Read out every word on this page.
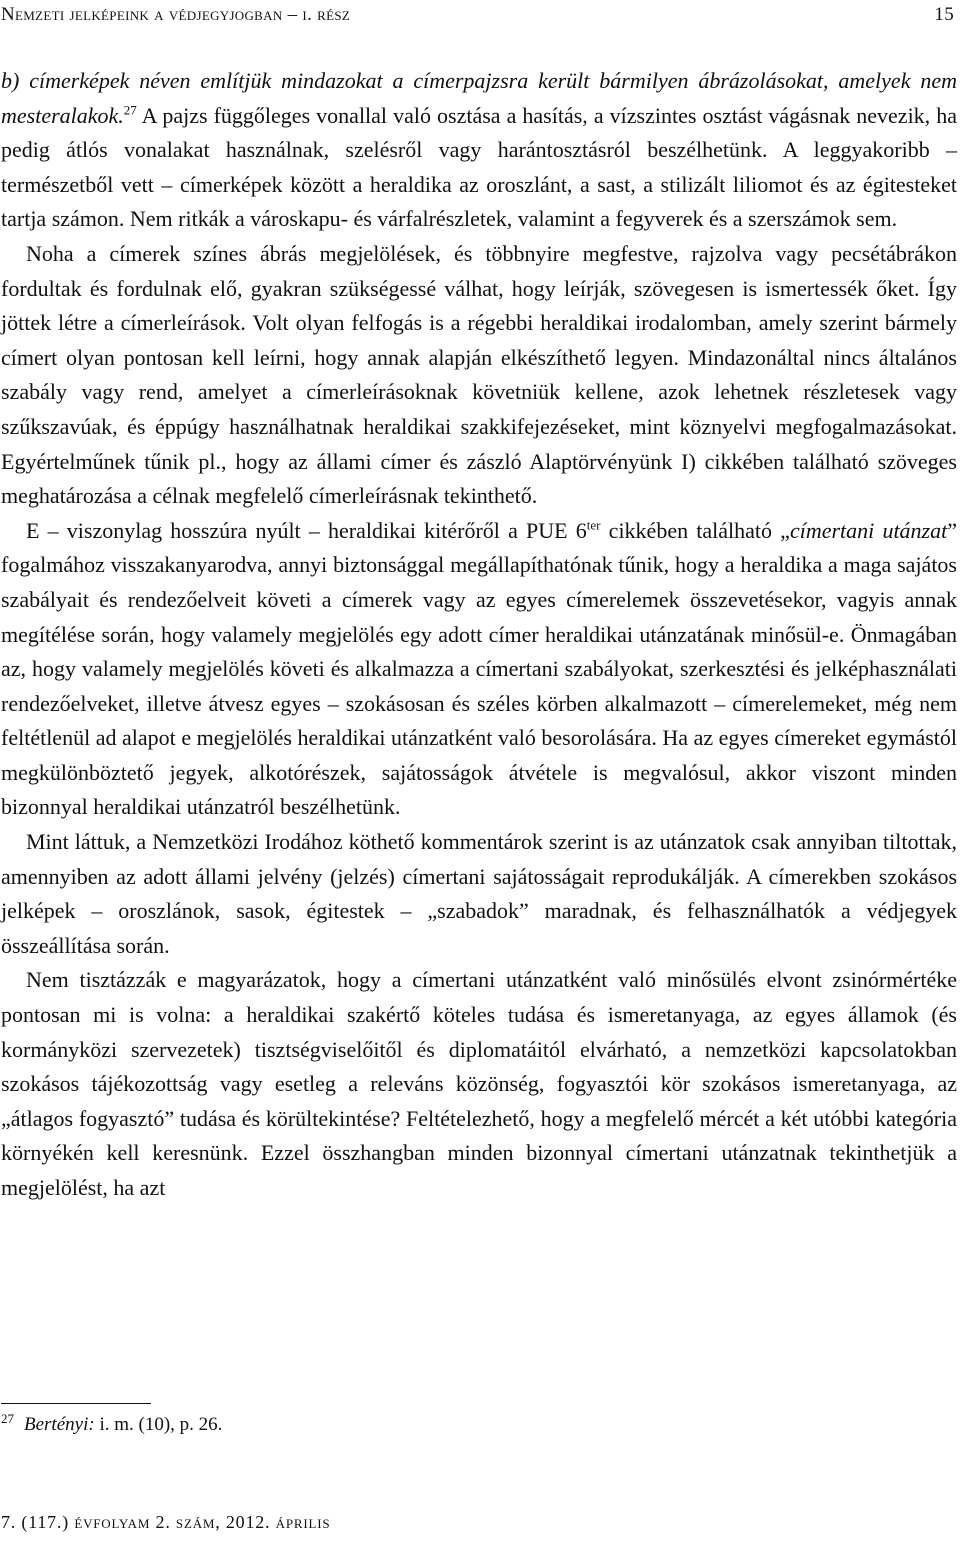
Nemzeti jelképeink a védjegyjogban – i. rész	15

b) címerképek néven említjük mindazokat a címerpajzsra került bármilyen ábrázolásokat, amelyek nem mesteralakok.$^{27}$ A pajzs függőleges vonallal való osztása a hasítás, a vízszintes osztást vágásnak nevezik, ha pedig átlós vonalakat használnak, szelésről vagy harántosztásról beszélhetünk. A leggyakoribb – természetből vett – címerképek között a heraldika az oroszlánt, a sast, a stilizált liliomot és az égitesteket tartja számon. Nem ritkák a városkapu- és várfalrészletek, valamint a fegyverek és a szerszámok sem.

Noha a címerek színes ábrás megjelölések, és többnyire megfestve, rajzolva vagy pecsétábrákon fordultak és fordulnak elő, gyakran szükségessé válhat, hogy leírják, szövegesen is ismertessék őket. Így jöttek létre a címerleírások. Volt olyan felfogás is a régebbi heraldikai irodalomban, amely szerint bármely címert olyan pontosan kell leírni, hogy annak alapján elkészíthető legyen. Mindazonáltal nincs általános szabály vagy rend, amelyet a címerleírásoknak követniük kellene, azok lehetnek részletesek vagy szűkszavúak, és éppúgy használhatnak heraldikai szakkifejezéseket, mint köznyelvi megfogalmazásokat. Egyértelműnek tűnik pl., hogy az állami címer és zászló Alaptörvényünk I) cikkében található szöveges meghatározása a célnak megfelelő címerleírásnak tekinthető.

E – viszonylag hosszúra nyúlt – heraldikai kitérőről a PUE $6^{ter}$ cikkében található „címertani utánzat” fogalmához visszakanyarodva, annyi biztonsággal megállapíthatónak tűnik, hogy a heraldika a maga sajátos szabályait és rendezőelveit követi a címerek vagy az egyes címerelemek összevetésekor, vagyis annak megítélése során, hogy valamely megjelölés egy adott címer heraldikai utánzatának minősül-e. Önmagában az, hogy valamely megjelölés követi és alkalmazza a címertani szabályokat, szerkesztési és jelképhasználati rendezőelveket, illetve átvesz egyes – szokásosan és széles körben alkalmazott – címerelemeket, még nem feltétlenül ad alapot e megjelölés heraldikai utánzatként való besorolására. Ha az egyes címereket egymástól megkülönböztető jegyek, alkotórészek, sajátosságok átvétele is megvalósul, akkor viszont minden bizonnyal heraldikai utánzatról beszélhetünk.

Mint láttuk, a Nemzetközi Irodához köthető kommentárok szerint is az utánzatok csak annyiban tiltottak, amennyiben az adott állami jelvény (jelzés) címertani sajátosságait reprodukálják. A címerekben szokásos jelképek – oroszlánok, sasok, égitestek – „szabadok” maradnak, és felhasználhatók a védjegyek összeállítása során.

Nem tisztázzák e magyarázatok, hogy a címertani utánzatként való minősülés elvont zsinórmértéke pontosan mi is volna: a heraldikai szakértő köteles tudása és ismeretanyaga, az egyes államok (és kormányközi szervezetek) tisztségviselőitől és diplomatáitól elvárható, a nemzetközi kapcsolatokban szokásos tájékozottság vagy esetleg a releváns közönség, fogyasztói kör szokásos ismeretanyaga, az „átlagos fogyasztó” tudása és körültekintése? Feltételezhető, hogy a megfelelő mércét a két utóbbi kategória környékén kell keresnünk. Ezzel összhangban minden bizonnyal címertani utánzatnak tekinthetjük a megjelölést, ha azt

$^{27}$ Bertényi: i. m. (10), p. 26.
7. (117.) évfolyam 2. szám, 2012. április
